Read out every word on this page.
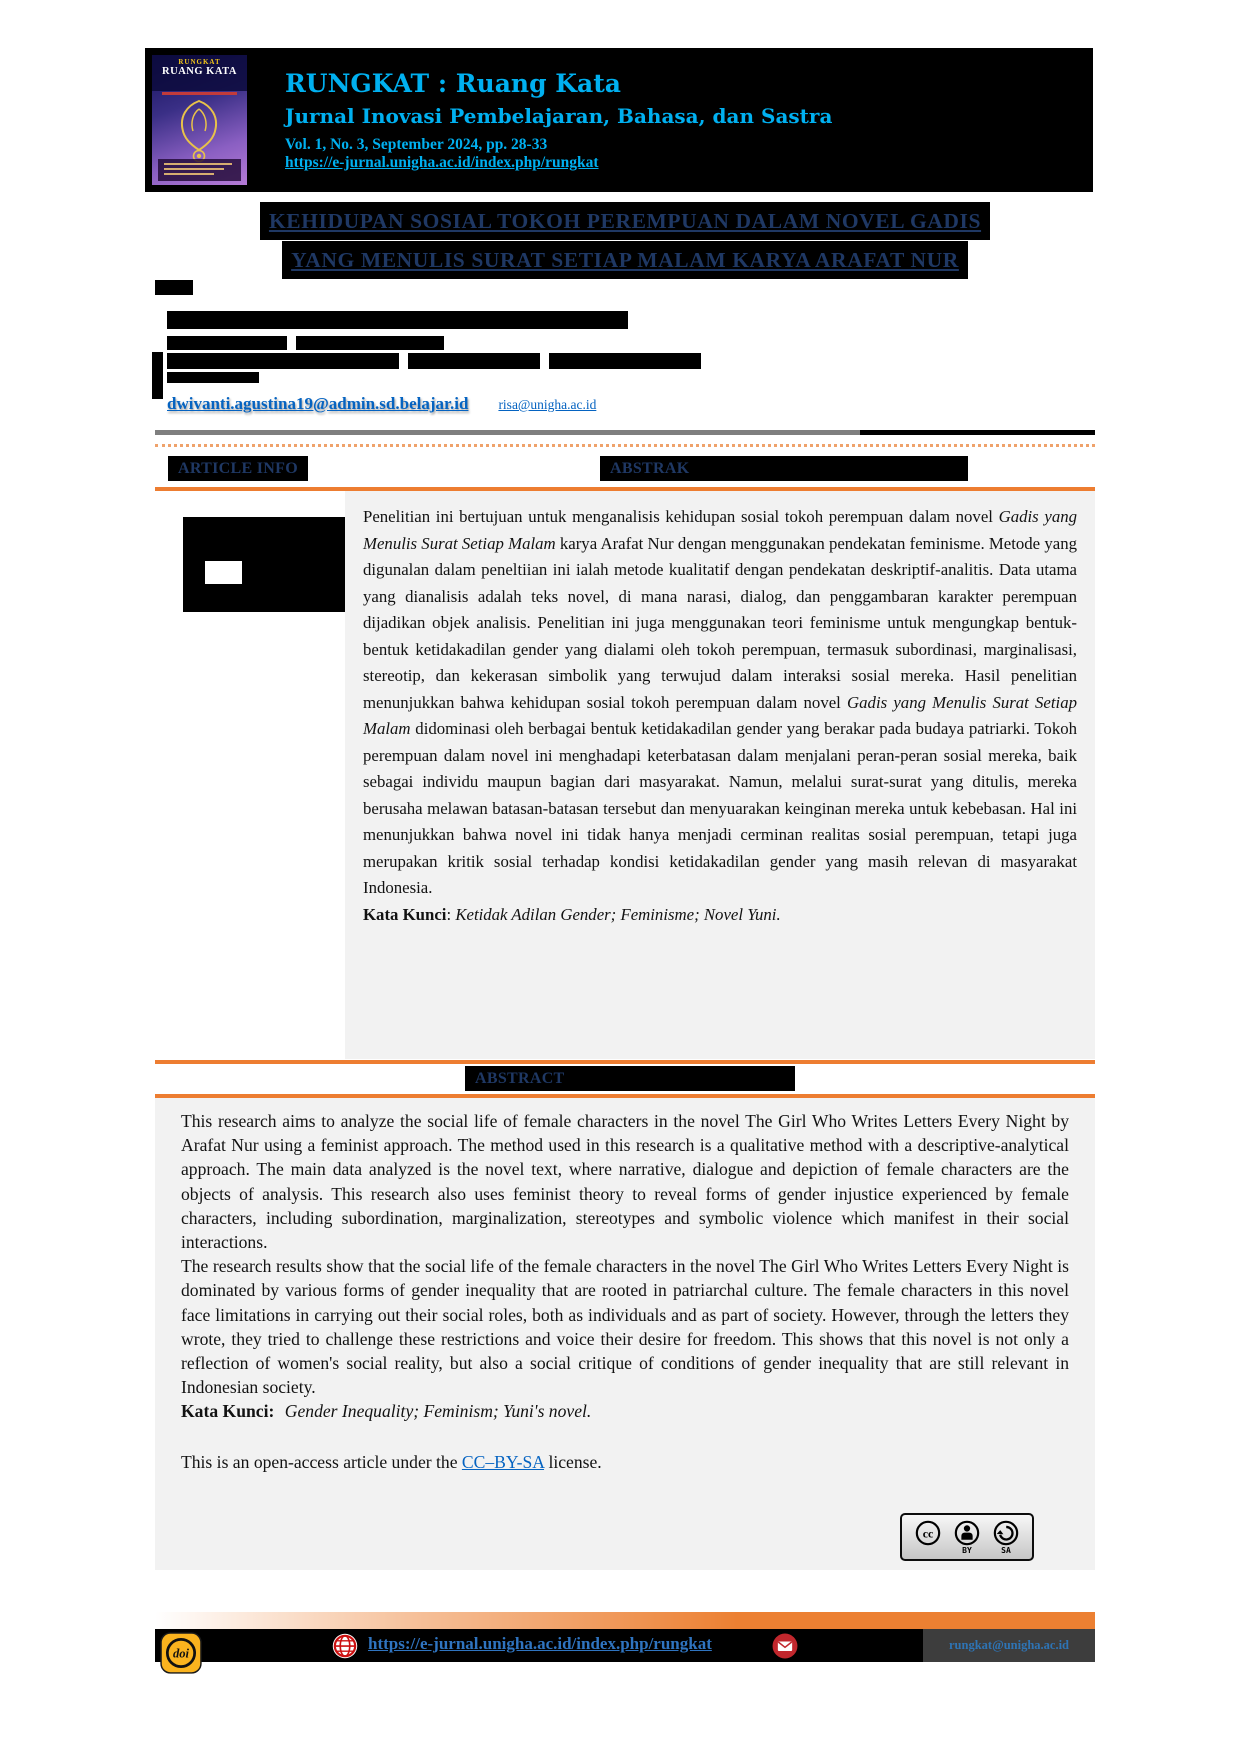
RUNGKAT
RUANG KATA	RUNGKAT : Ruang Kata
Jurnal Inovasi Pembelajaran, Bahasa, dan Sastra
Vol. 1, No. 3, September 2024, pp. 28-33
https://e-jurnal.unigha.ac.id/index.php/rungkat
KEHIDUPAN SOSIAL TOKOH PEREMPUAN DALAM NOVEL GADIS
YANG MENULIS SURAT SETIAP MALAM KARYA ARAFAT NUR
dwivanti.agustina19@admin.sd.belajar.id risa@unigha.ac.id
ARTICLE INFO	ABSTRAK
Penelitian ini bertujuan untuk menganalisis kehidupan sosial tokoh perempuan dalam novel Gadis yang Menulis Surat Setiap Malam karya Arafat Nur dengan menggunakan pendekatan feminisme. Metode yang digunalan dalam peneltiian ini ialah metode kualitatif dengan pendekatan deskriptif-analitis. Data utama yang dianalisis adalah teks novel, di mana narasi, dialog, dan penggambaran karakter perempuan dijadikan objek analisis. Penelitian ini juga menggunakan teori feminisme untuk mengungkap bentuk-bentuk ketidakadilan gender yang dialami oleh tokoh perempuan, termasuk subordinasi, marginalisasi, stereotip, dan kekerasan simbolik yang terwujud dalam interaksi sosial mereka. Hasil penelitian menunjukkan bahwa kehidupan sosial tokoh perempuan dalam novel Gadis yang Menulis Surat Setiap Malam didominasi oleh berbagai bentuk ketidakadilan gender yang berakar pada budaya patriarki. Tokoh perempuan dalam novel ini menghadapi keterbatasan dalam menjalani peran-peran sosial mereka, baik sebagai individu maupun bagian dari masyarakat. Namun, melalui surat-surat yang ditulis, mereka berusaha melawan batasan-batasan tersebut dan menyuarakan keinginan mereka untuk kebebasan. Hal ini menunjukkan bahwa novel ini tidak hanya menjadi cerminan realitas sosial perempuan, tetapi juga merupakan kritik sosial terhadap kondisi ketidakadilan gender yang masih relevan di masyarakat Indonesia.
Kata Kunci: Ketidak Adilan Gender; Feminisme; Novel Yuni.
ABSTRACT

This research aims to analyze the social life of female characters in the novel The Girl Who Writes Letters Every Night by Arafat Nur using a feminist approach. The method used in this research is a qualitative method with a descriptive-analytical approach. The main data analyzed is the novel text, where narrative, dialogue and depiction of female characters are the objects of analysis. This research also uses feminist theory to reveal forms of gender injustice experienced by female characters, including subordination, marginalization, stereotypes and symbolic violence which manifest in their social interactions.

The research results show that the social life of the female characters in the novel The Girl Who Writes Letters Every Night is dominated by various forms of gender inequality that are rooted in patriarchal culture. The female characters in this novel face limitations in carrying out their social roles, both as individuals and as part of society. However, through the letters they wrote, they tried to challenge these restrictions and voice their desire for freedom. This shows that this novel is not only a reflection of women's social reality, but also a social critique of conditions of gender inequality that are still relevant in Indonesian society.

Kata Kunci: Gender Inequality; Feminism; Yuni's novel.

This is an open-access article under the CC–BY-SA license.

cc

BY	SA
rungkat@unigha.ac.id
doi
https://e-jurnal.unigha.ac.id/index.php/rungkat
